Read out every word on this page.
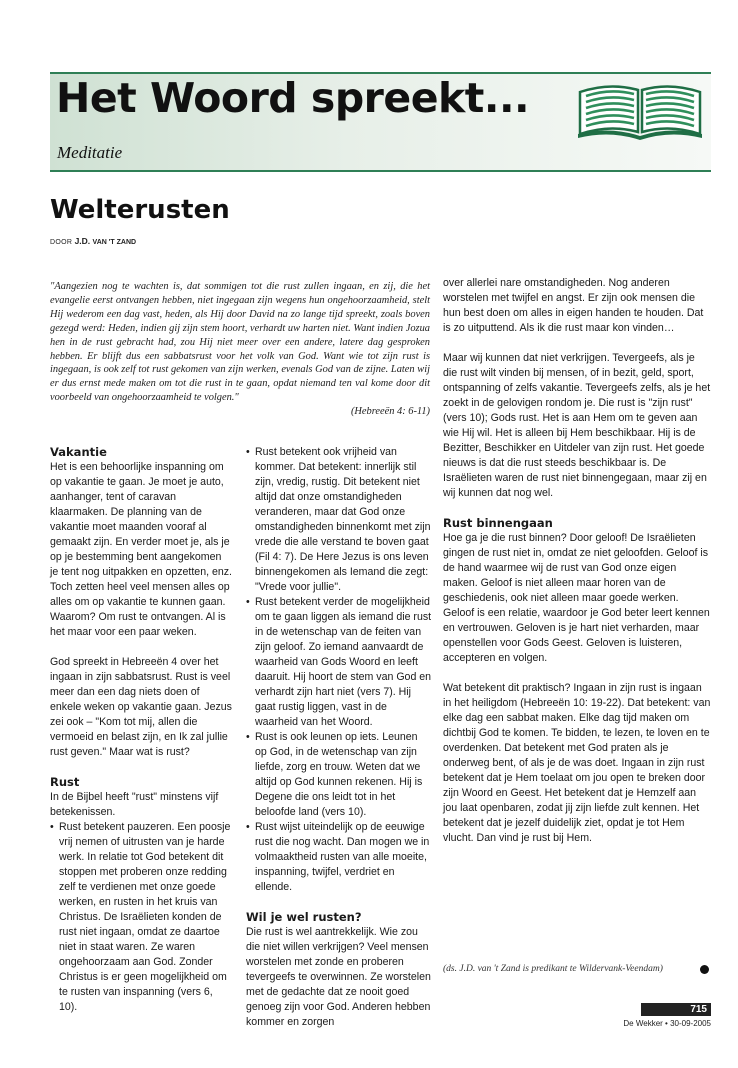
Het Woord spreekt...
Meditatie
Welterusten
DOOR J.D. VAN 'T ZAND

"Aangezien nog te wachten is, dat sommigen tot die rust zullen ingaan, en zij, die het evangelie eerst ontvangen hebben, niet ingegaan zijn wegens hun ongehoorzaamheid, stelt Hij wederom een dag vast, heden, als Hij door David na zo lange tijd spreekt, zoals boven gezegd werd: Heden, indien gij zijn stem hoort, verhardt uw harten niet. Want indien Jozua hen in de rust gebracht had, zou Hij niet meer over een andere, latere dag gesproken hebben. Er blijft dus een sabbatsrust voor het volk van God. Want wie tot zijn rust is ingegaan, is ook zelf tot rust gekomen van zijn werken, evenals God van de zijne. Laten wij er dus ernst mede maken om tot die rust in te gaan, opdat niemand ten val kome door dit voorbeeld van ongehoorzaamheid te volgen."
(Hebreeën 4: 6-11)

Vakantie

Het is een behoorlijke inspanning om op vakantie te gaan. Je moet je auto, aanhanger, tent of caravan klaarmaken. De planning van de vakantie moet maanden vooraf al gemaakt zijn. En verder moet je, als je op je bestemming bent aangekomen je tent nog uitpakken en opzetten, enz. Toch zetten heel veel mensen alles op alles om op vakantie te kunnen gaan. Waarom? Om rust te ontvangen. Al is het maar voor een paar weken.

God spreekt in Hebreeën 4 over het ingaan in zijn sabbatsrust. Rust is veel meer dan een dag niets doen of enkele weken op vakantie gaan. Jezus zei ook – "Kom tot mij, allen die vermoeid en belast zijn, en Ik zal jullie rust geven." Maar wat is rust?

Rust

In de Bijbel heeft "rust" minstens vijf betekenissen.

• Rust betekent pauzeren. Een poosje vrij nemen of uitrusten van je harde werk. In relatie tot God betekent dit stoppen met proberen onze redding zelf te verdienen met onze goede werken, en rusten in het kruis van Christus. De Israëlieten konden de rust niet ingaan, omdat ze daartoe niet in staat waren. Ze waren ongehoorzaam aan God. Zonder Christus is er geen mogelijkheid om te rusten van inspanning (vers 6, 10).
• Rust betekent ook vrijheid van kommer. Dat betekent: innerlijk stil zijn, vredig, rustig. Dit betekent niet altijd dat onze omstandigheden veranderen, maar dat God onze omstandigheden binnenkomt met zijn vrede die alle verstand te boven gaat (Fil 4: 7). De Here Jezus is ons leven binnengekomen als Iemand die zegt: "Vrede voor jullie".
• Rust betekent verder de mogelijkheid om te gaan liggen als iemand die rust in de wetenschap van de feiten van zijn geloof. Zo iemand aanvaardt de waarheid van Gods Woord en leeft daaruit. Hij hoort de stem van God en verhardt zijn hart niet (vers 7). Hij gaat rustig liggen, vast in de waarheid van het Woord.
• Rust is ook leunen op iets. Leunen op God, in de wetenschap van zijn liefde, zorg en trouw. Weten dat we altijd op God kunnen rekenen. Hij is Degene die ons leidt tot in het beloofde land (vers 10).
• Rust wijst uiteindelijk op de eeuwige rust die nog wacht. Dan mogen we in volmaaktheid rusten van alle moeite, inspanning, twijfel, verdriet en ellende.
Wil je wel rusten?

Die rust is wel aantrekkelijk. Wie zou die niet willen verkrijgen? Veel mensen worstelen met zonde en proberen tevergeefs te overwinnen. Ze worstelen met de gedachte dat ze nooit goed genoeg zijn voor God. Anderen hebben kommer en zorgen

over allerlei nare omstandigheden. Nog anderen worstelen met twijfel en angst. Er zijn ook mensen die hun best doen om alles in eigen handen te houden. Dat is zo uitputtend. Als ik die rust maar kon vinden…

Maar wij kunnen dat niet verkrijgen. Tevergeefs, als je die rust wilt vinden bij mensen, of in bezit, geld, sport, ontspanning of zelfs vakantie. Tevergeefs zelfs, als je het zoekt in de gelovigen rondom je. Die rust is "zijn rust" (vers 10); Gods rust. Het is aan Hem om te geven aan wie Hij wil. Het is alleen bij Hem beschikbaar. Hij is de Bezitter, Beschikker en Uitdeler van zijn rust. Het goede nieuws is dat die rust steeds beschikbaar is. De Israëlieten waren de rust niet binnengegaan, maar zij en wij kunnen dat nog wel.

Rust binnengaan

Hoe ga je die rust binnen? Door geloof! De Israëlieten gingen de rust niet in, omdat ze niet geloofden. Geloof is de hand waarmee wij de rust van God onze eigen maken. Geloof is niet alleen maar horen van de geschiedenis, ook niet alleen maar goede werken. Geloof is een relatie, waardoor je God beter leert kennen en vertrouwen. Geloven is je hart niet verharden, maar openstellen voor Gods Geest. Geloven is luisteren, accepteren en volgen.

Wat betekent dit praktisch? Ingaan in zijn rust is ingaan in het heiligdom (Hebreeën 10: 19-22). Dat betekent: van elke dag een sabbat maken. Elke dag tijd maken om dichtbij God te komen. Te bidden, te lezen, te loven en te overdenken. Dat betekent met God praten als je onderweg bent, of als je de was doet. Ingaan in zijn rust betekent dat je Hem toelaat om jou open te breken door zijn Woord en Geest. Het betekent dat je Hemzelf aan jou laat openbaren, zodat jij zijn liefde zult kennen. Het betekent dat je jezelf duidelijk ziet, opdat je tot Hem vlucht. Dan vind je rust bij Hem.

(ds. J.D. van 't Zand is predikant te Wildervank-Veendam)
715
De Wekker • 30-09-2005
